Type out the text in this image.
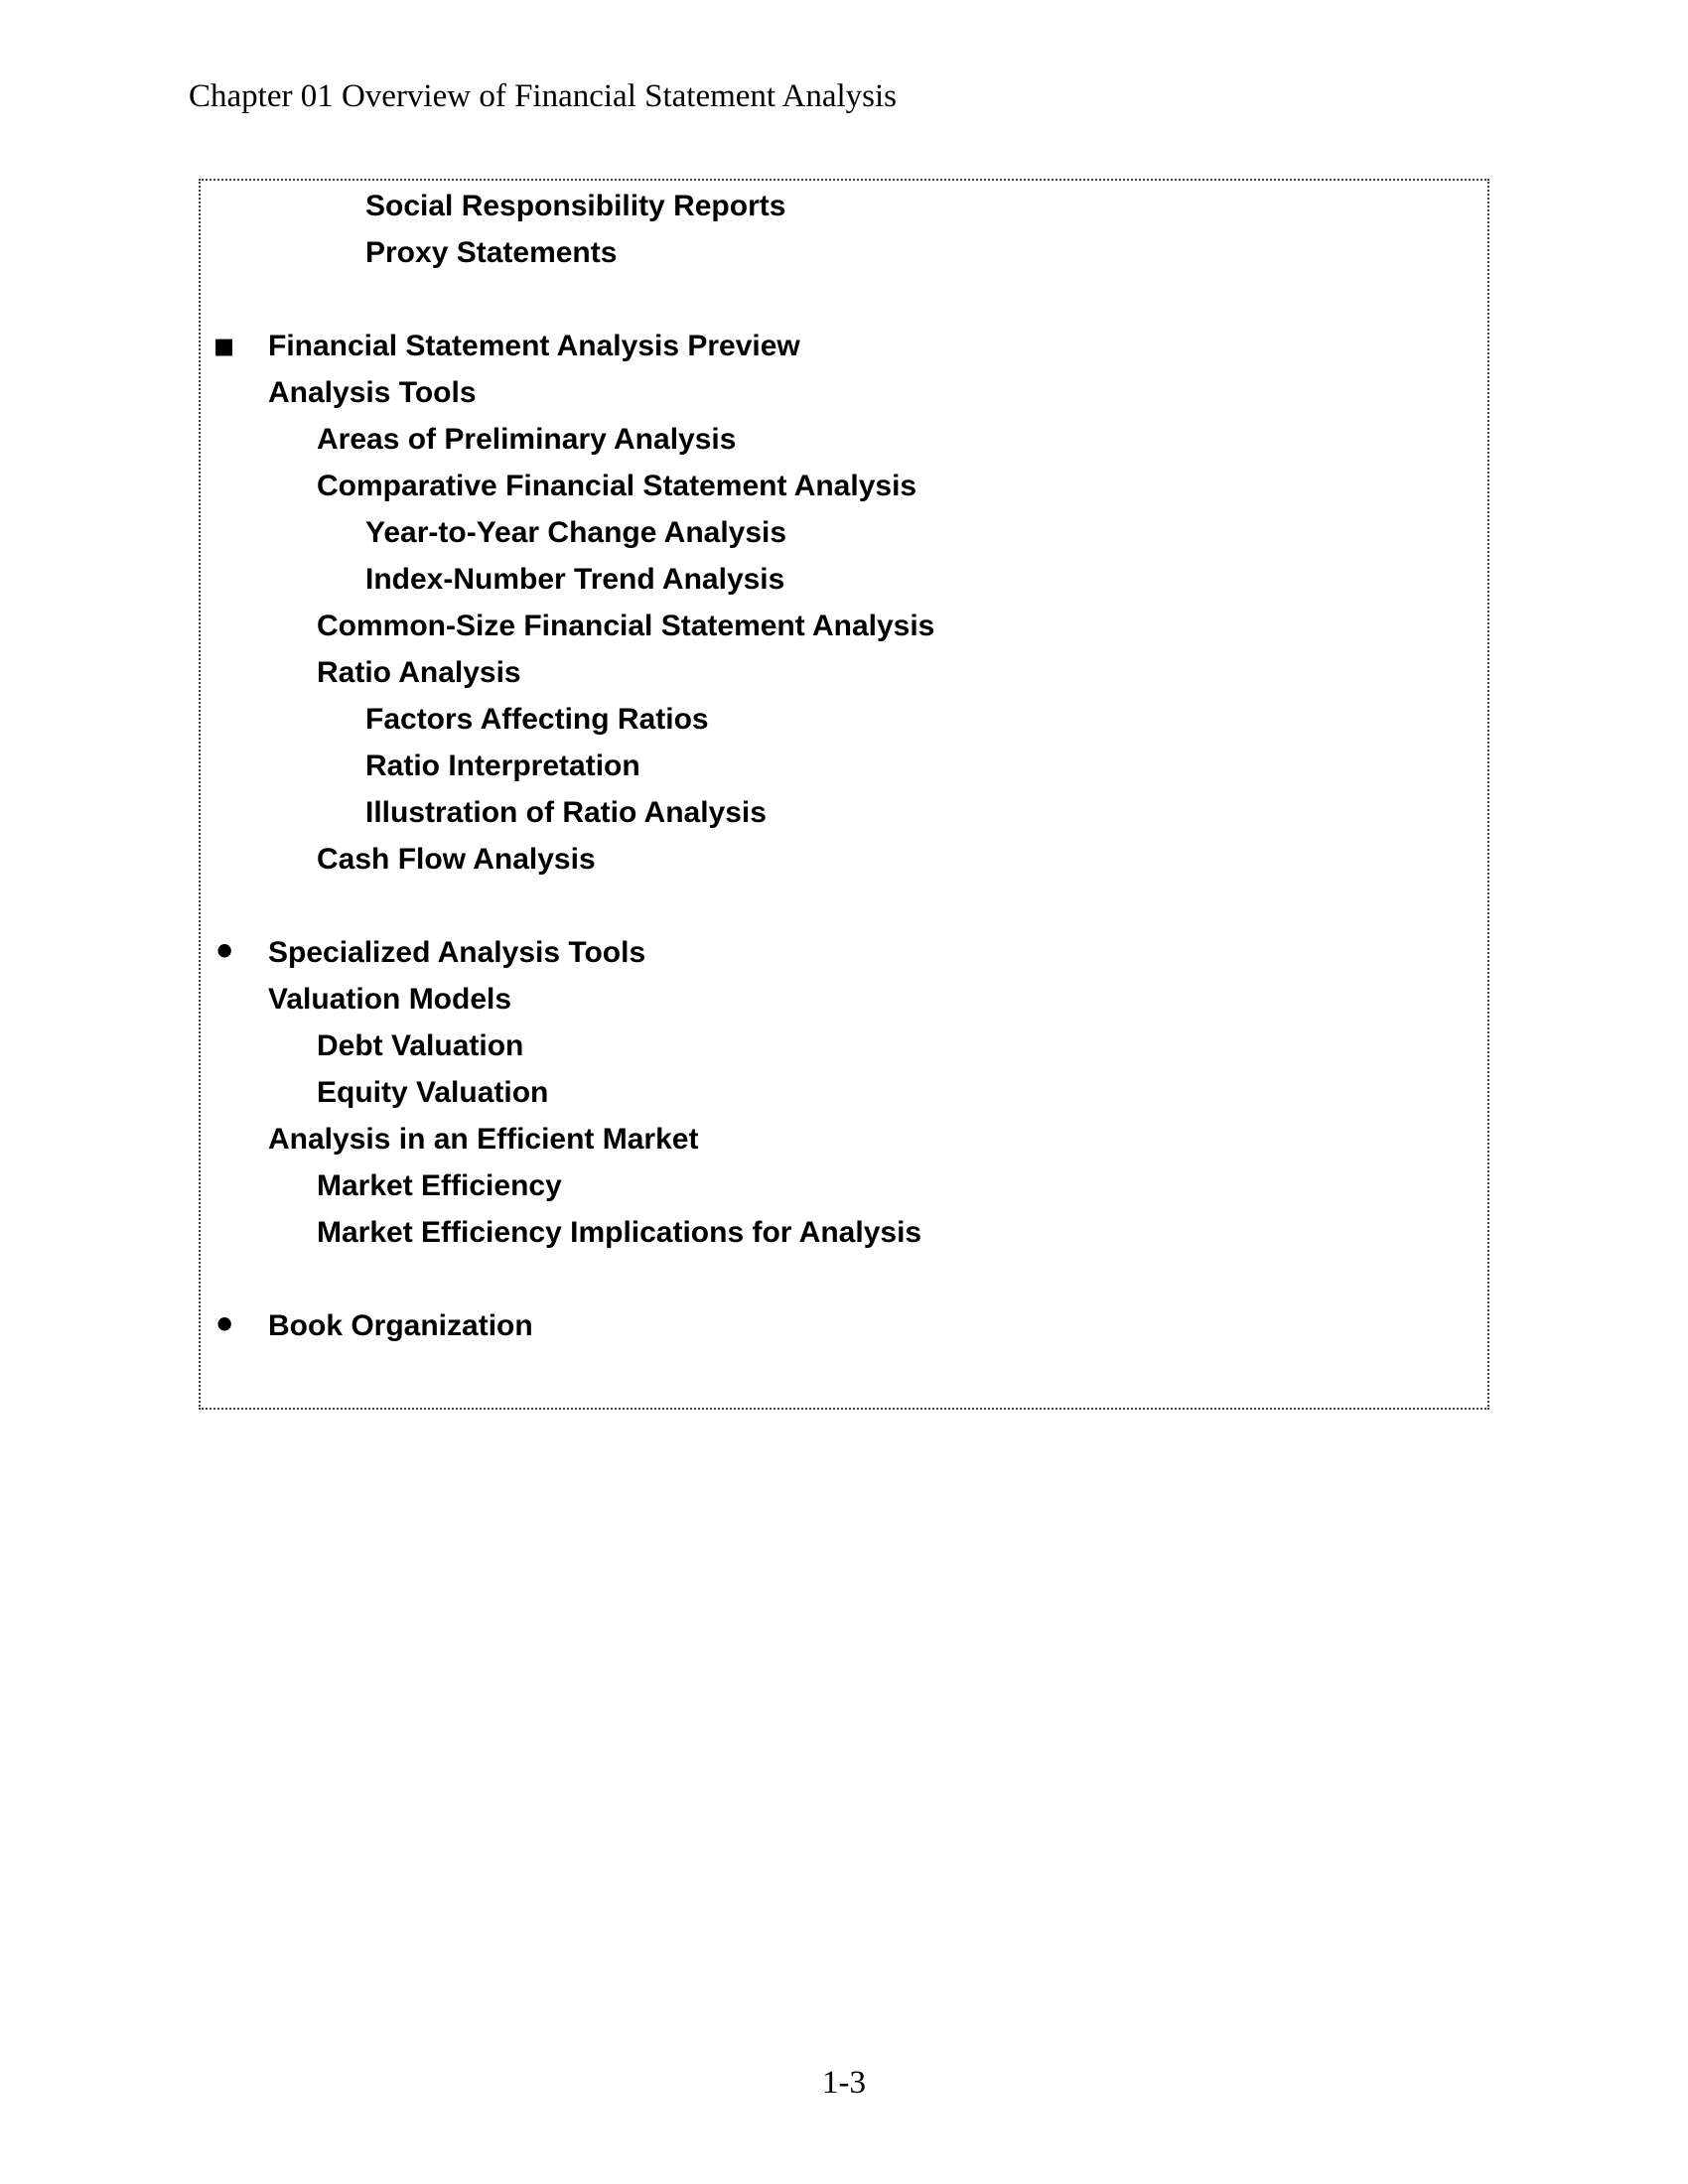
Chapter 01 Overview of Financial Statement Analysis
Social Responsibility Reports
Proxy Statements
▪ Financial Statement Analysis Preview
Analysis Tools
Areas of Preliminary Analysis
Comparative Financial Statement Analysis
Year-to-Year Change Analysis
Index-Number Trend Analysis
Common-Size Financial Statement Analysis
Ratio Analysis
Factors Affecting Ratios
Ratio Interpretation
Illustration of Ratio Analysis
Cash Flow Analysis
• Specialized Analysis Tools
Valuation Models
Debt Valuation
Equity Valuation
Analysis in an Efficient Market
Market Efficiency
Market Efficiency Implications for Analysis
• Book Organization
1-3
